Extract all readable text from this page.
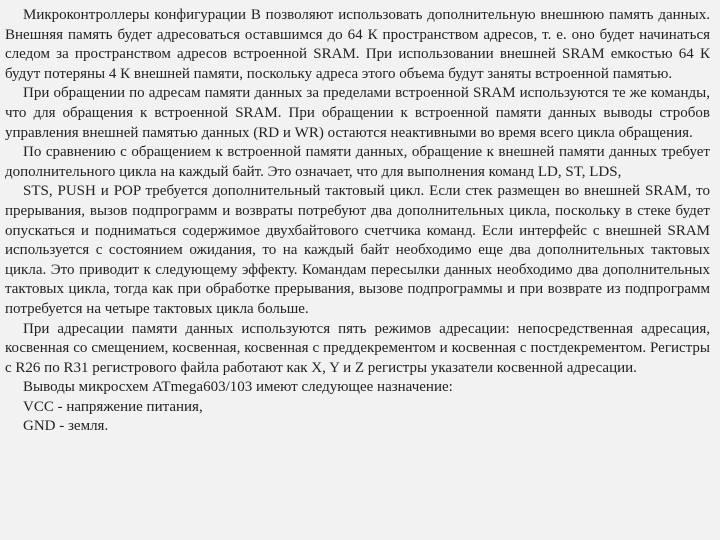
Микроконтроллеры конфигурации В позволяют использовать дополнительную внешнюю память данных. Внешняя память будет адресоваться оставшимся до 64 К пространством адресов, т. е. оно будет начинаться следом за пространством адресов встроенной SRAM. При использовании внешней SRAM емкостью 64 К будут потеряны 4 К внешней памяти, поскольку адреса этого объема будут заняты встроенной памятью.

При обращении по адресам памяти данных за пределами встроенной SRAM используются те же команды, что для обращения к встроенной SRAM. При обращении к встроенной памяти данных выводы стробов управления внешней памятью данных (RD и WR) остаются неактивными во время всего цикла обращения.

По сравнению с обращением к встроенной памяти данных, обращение к внешней памяти данных требует дополнительного цикла на каждый байт. Это означает, что для выполнения команд LD, ST, LDS,

STS, PUSH и POP требуется дополнительный тактовый цикл. Если стек размещен во внешней SRAM, то прерывания, вызов подпрограмм и возвраты потребуют два дополнительных цикла, поскольку в стеке будет опускаться и подниматься содержимое двухбайтового счетчика команд. Если интерфейс с внешней SRAM используется с состоянием ожидания, то на каждый байт необходимо еще два дополнительных тактовых цикла. Это приводит к следующему эффекту. Командам пересылки данных необходимо два дополнительных тактовых цикла, тогда как при обработке прерывания, вызове подпрограммы и при возврате из подпрограмм потребуется на четыре тактовых цикла больше.

При адресации памяти данных используются пять режимов адресации: непосредственная адресация, косвенная со смещением, косвенная, косвенная с преддекрементом и косвенная с постдекрементом. Регистры с R26 по R31 регистрового файла работают как X, Y и Z регистры указатели косвенной адресации.

Выводы микросхем ATmega603/103 имеют следующее назначение:

VCC - напряжение питания,

GND - земля.
